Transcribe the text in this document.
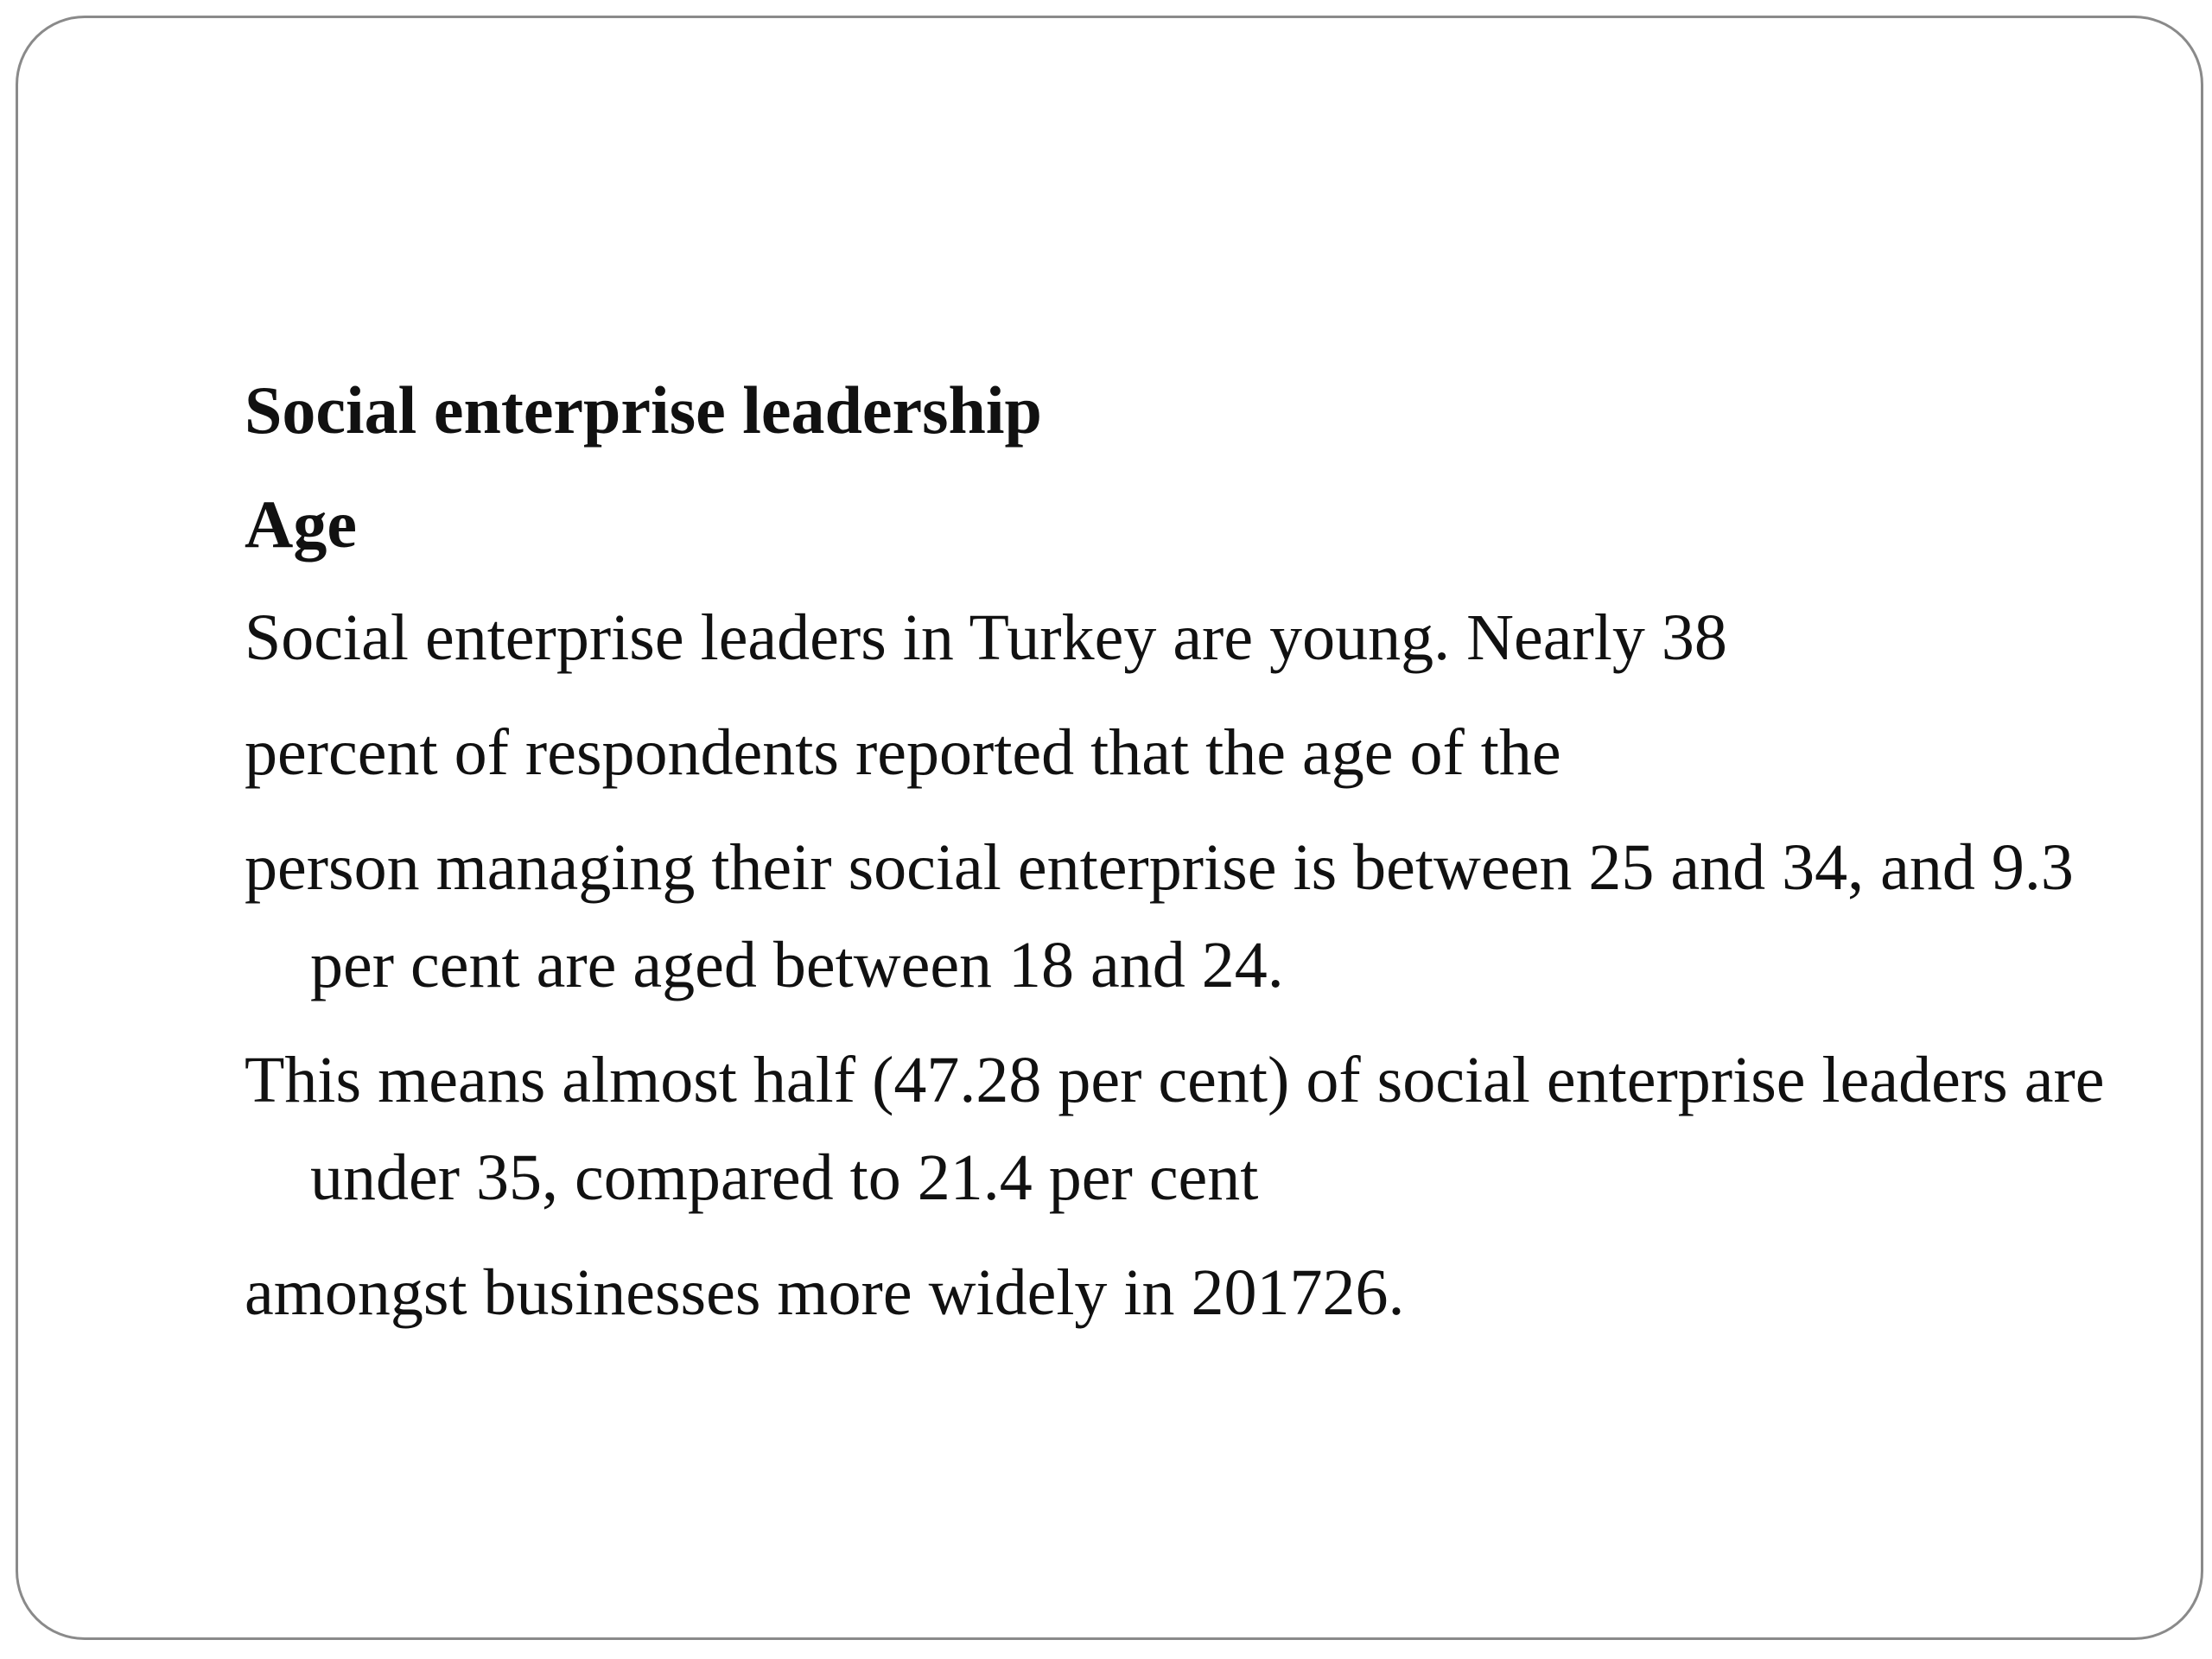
Social enterprise leadership
Age

Social enterprise leaders in Turkey are young. Nearly 38

percent of respondents reported that the age of the

person managing their social enterprise is between 25 and 34, and 9.3 per cent are aged between 18 and 24.

This means almost half (47.28 per cent) of social enterprise leaders are under 35, compared to 21.4 per cent

amongst businesses more widely in 201726.
